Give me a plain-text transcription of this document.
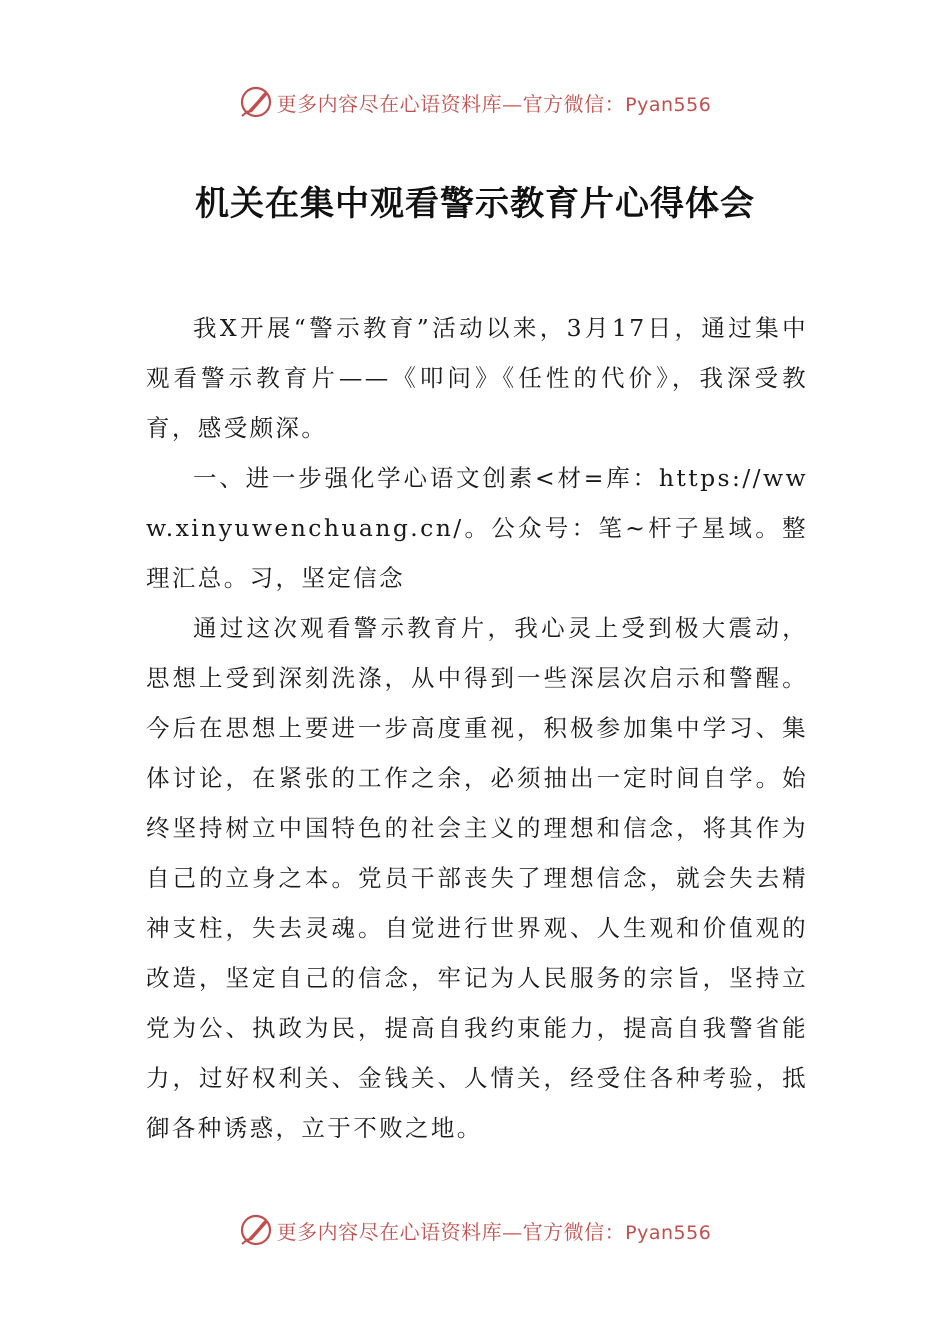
更多内容尽在心语资料库—官方微信：Pyan556
机关在集中观看警示教育片心得体会

我X开展“警示教育”活动以来，3月17日，通过集中观看警示教育片——《叩问》《任性的代价》，我深受教育，感受颇深。

一、进一步强化学心语文创素<材=库：https://www.xinyuwenchuang.cn/。公众号：笔~杆子星域。整理汇总。习，坚定信念

通过这次观看警示教育片，我心灵上受到极大震动，思想上受到深刻洗涤，从中得到一些深层次启示和警醒。今后在思想上要进一步高度重视，积极参加集中学习、集体讨论，在紧张的工作之余，必须抽出一定时间自学。始终坚持树立中国特色的社会主义的理想和信念，将其作为自己的立身之本。党员干部丧失了理想信念，就会失去精神支柱，失去灵魂。自觉进行世界观、人生观和价值观的改造，坚定自己的信念，牢记为人民服务的宗旨，坚持立党为公、执政为民，提高自我约束能力，提高自我警省能力，过好权利关、金钱关、人情关，经受住各种考验，抵御各种诱惑，立于不败之地。

更多内容尽在心语资料库—官方微信：Pyan556
